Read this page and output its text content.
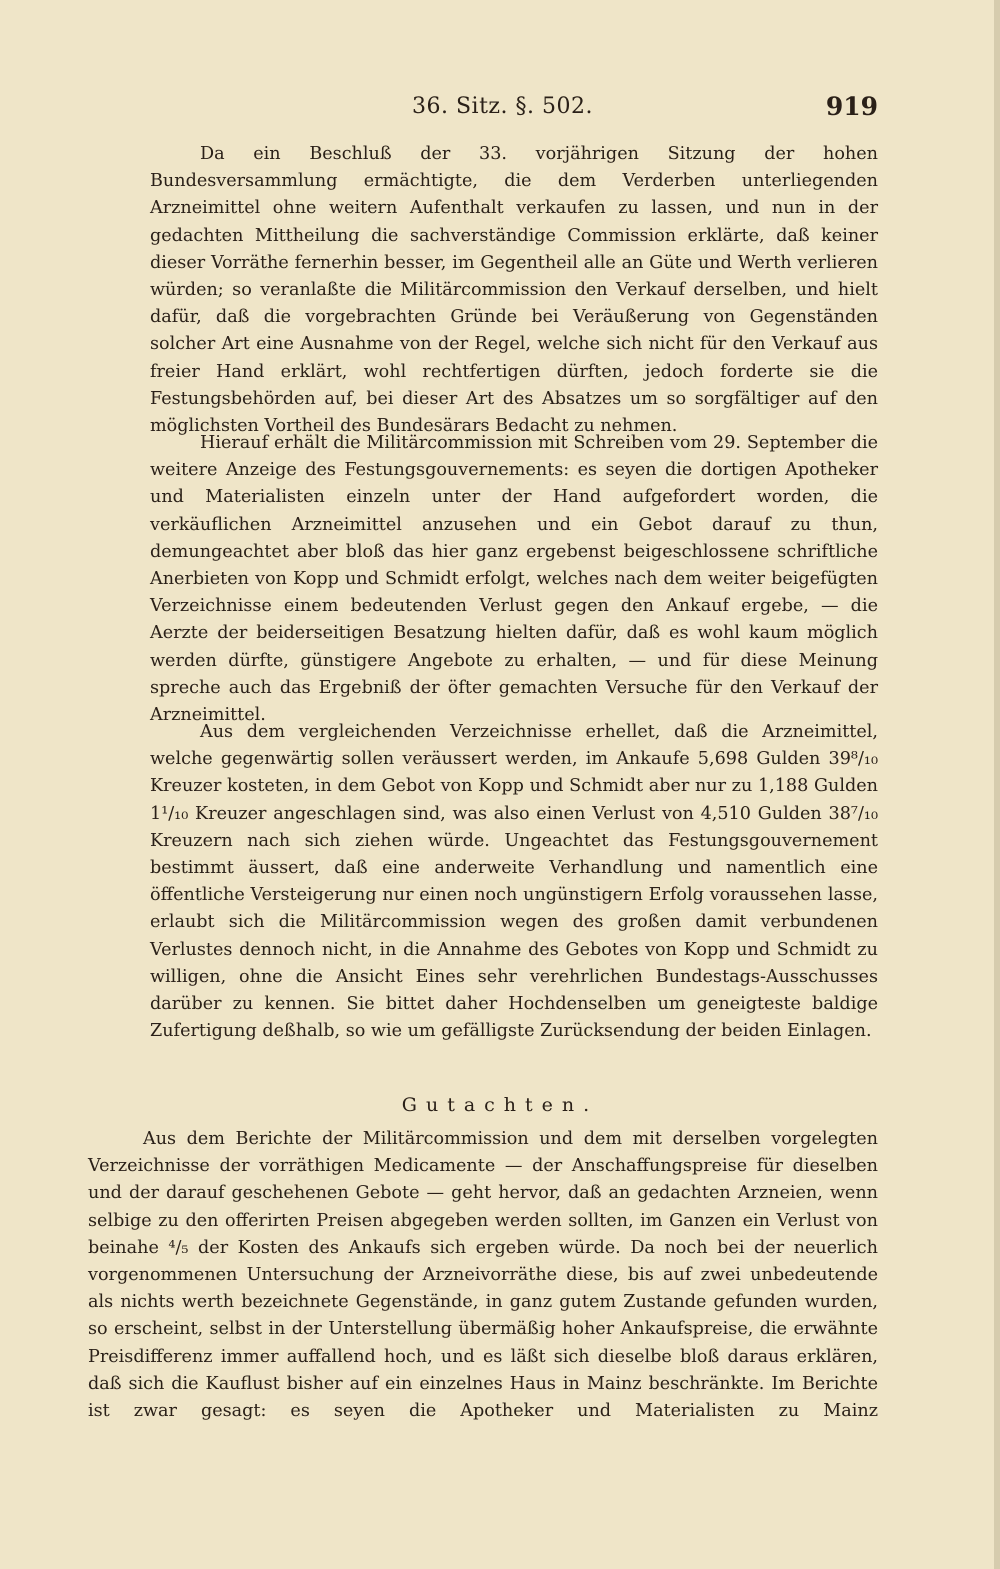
36. Sitz. §. 502.	919

Da ein Beschluß der 33. vorjährigen Sitzung der hohen Bundesversammlung ermächtigte, die dem Verderben unterliegenden Arzneimittel ohne weitern Aufenthalt verkaufen zu lassen, und nun in der gedachten Mittheilung die sachverständige Commission erklärte, daß keiner dieser Vorräthe fernerhin besser, im Gegentheil alle an Güte und Werth verlieren würden; so veranlaßte die Militärcommission den Verkauf derselben, und hielt dafür, daß die vorgebrachten Gründe bei Veräußerung von Gegenständen solcher Art eine Ausnahme von der Regel, welche sich nicht für den Verkauf aus freier Hand erklärt, wohl rechtfertigen dürften, jedoch forderte sie die Festungsbehörden auf, bei dieser Art des Absatzes um so sorgfältiger auf den möglichsten Vortheil des Bundesärars Bedacht zu nehmen.

Hierauf erhält die Militärcommission mit Schreiben vom 29. September die weitere Anzeige des Festungsgouvernements: es seyen die dortigen Apotheker und Materialisten einzeln unter der Hand aufgefordert worden, die verkäuflichen Arzneimittel anzusehen und ein Gebot darauf zu thun, demungeachtet aber bloß das hier ganz ergebenst beigeschlossene schriftliche Anerbieten von Kopp und Schmidt erfolgt, welches nach dem weiter beigefügten Verzeichnisse einem bedeutenden Verlust gegen den Ankauf ergebe, — die Aerzte der beiderseitigen Besatzung hielten dafür, daß es wohl kaum möglich werden dürfte, günstigere Angebote zu erhalten, — und für diese Meinung spreche auch das Ergebniß der öfter gemachten Versuche für den Verkauf der Arzneimittel.

Aus dem vergleichenden Verzeichnisse erhellet, daß die Arzneimittel, welche gegenwärtig sollen veräussert werden, im Ankaufe 5,698 Gulden 39⁸/₁₀ Kreuzer kosteten, in dem Gebot von Kopp und Schmidt aber nur zu 1,188 Gulden 1¹/₁₀ Kreuzer angeschlagen sind, was also einen Verlust von 4,510 Gulden 38⁷/₁₀ Kreuzern nach sich ziehen würde. Ungeachtet das Festungsgouvernement bestimmt äussert, daß eine anderweite Verhandlung und namentlich eine öffentliche Versteigerung nur einen noch ungünstigern Erfolg voraussehen lasse, erlaubt sich die Militärcommission wegen des großen damit verbundenen Verlustes dennoch nicht, in die Annahme des Gebotes von Kopp und Schmidt zu willigen, ohne die Ansicht Eines sehr verehrlichen Bundestags-Ausschusses darüber zu kennen. Sie bittet daher Hochdenselben um geneigteste baldige Zufertigung deßhalb, so wie um gefälligste Zurücksendung der beiden Einlagen.

Gutachten.

Aus dem Berichte der Militärcommission und dem mit derselben vorgelegten Verzeichnisse der vorräthigen Medicamente — der Anschaffungspreise für dieselben und der darauf geschehenen Gebote — geht hervor, daß an gedachten Arzneien, wenn selbige zu den offerirten Preisen abgegeben werden sollten, im Ganzen ein Verlust von beinahe ⁴/₅ der Kosten des Ankaufs sich ergeben würde. Da noch bei der neuerlich vorgenommenen Untersuchung der Arzneivorräthe diese, bis auf zwei unbedeutende als nichts werth bezeichnete Gegenstände, in ganz gutem Zustande gefunden wurden, so erscheint, selbst in der Unterstellung übermäßig hoher Ankaufspreise, die erwähnte Preisdifferenz immer auffallend hoch, und es läßt sich dieselbe bloß daraus erklären, daß sich die Kauflust bisher auf ein einzelnes Haus in Mainz beschränkte. Im Berichte ist zwar gesagt: es seyen die Apotheker und Materialisten zu Mainz
